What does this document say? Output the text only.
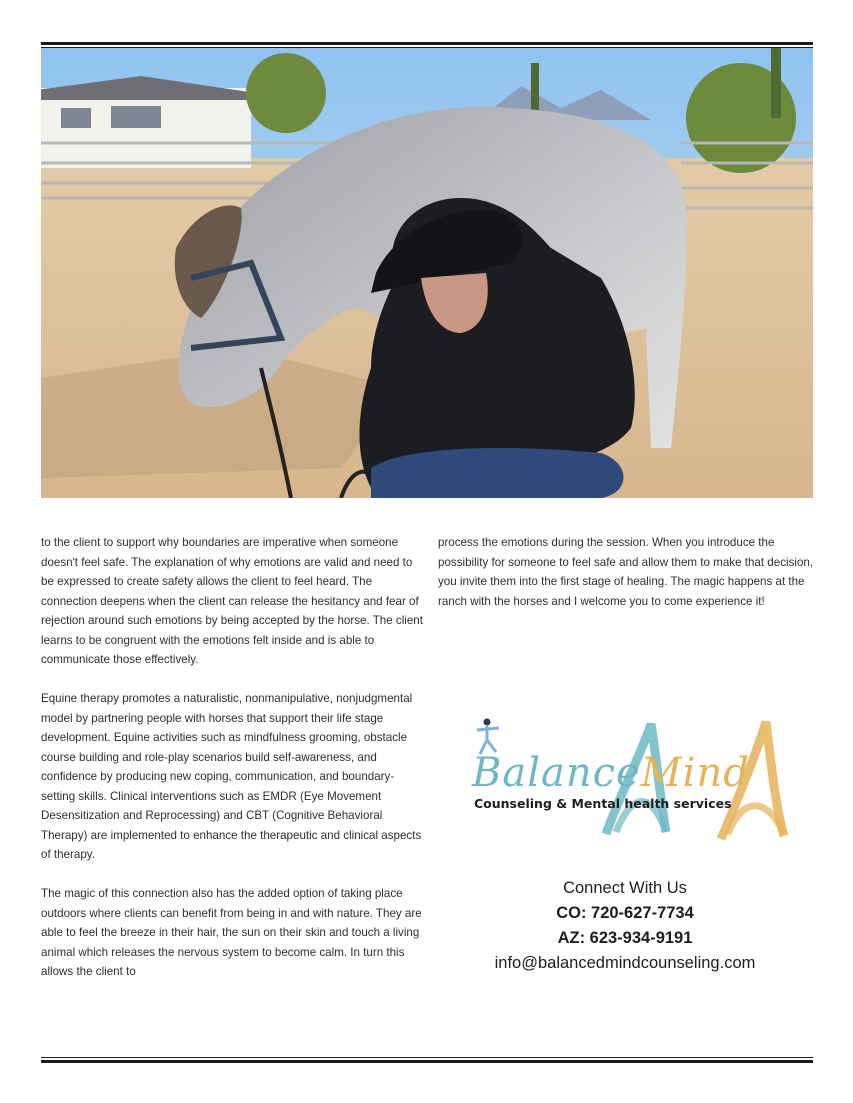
to the client to support why boundaries are imperative when someone doesn't feel safe. The explanation of why emotions are valid and need to be expressed to create safety allows the client to feel heard. The connection deepens when the client can release the hesitancy and fear of rejection around such emotions by being accepted by the horse. The client learns to be congruent with the emotions felt inside and is able to communicate those effectively.

Equine therapy promotes a naturalistic, nonmanipulative, nonjudgmental model by partnering people with horses that support their life stage development. Equine activities such as mindfulness grooming, obstacle course building and role-play scenarios build self-awareness, and confidence by producing new coping, communication, and boundary-setting skills. Clinical interventions such as EMDR (Eye Movement Desensitization and Reprocessing) and CBT (Cognitive Behavioral Therapy) are implemented to enhance the therapeutic and clinical aspects of therapy.

The magic of this connection also has the added option of taking place outdoors where clients can benefit from being in and with nature. They are able to feel the breeze in their hair, the sun on their skin and touch a living animal which releases the nervous system to become calm. In turn this allows the client to

process the emotions during the session. When you introduce the possibility for someone to feel safe and allow them to make that decision, you invite them into the first stage of healing. The magic happens at the ranch with the horses and I welcome you to come experience it!

BalanceMind
Counseling & Mental health services
Connect With Us
CO: 720-627-7734
AZ: 623-934-9191
info@balancedmindcounseling.com
